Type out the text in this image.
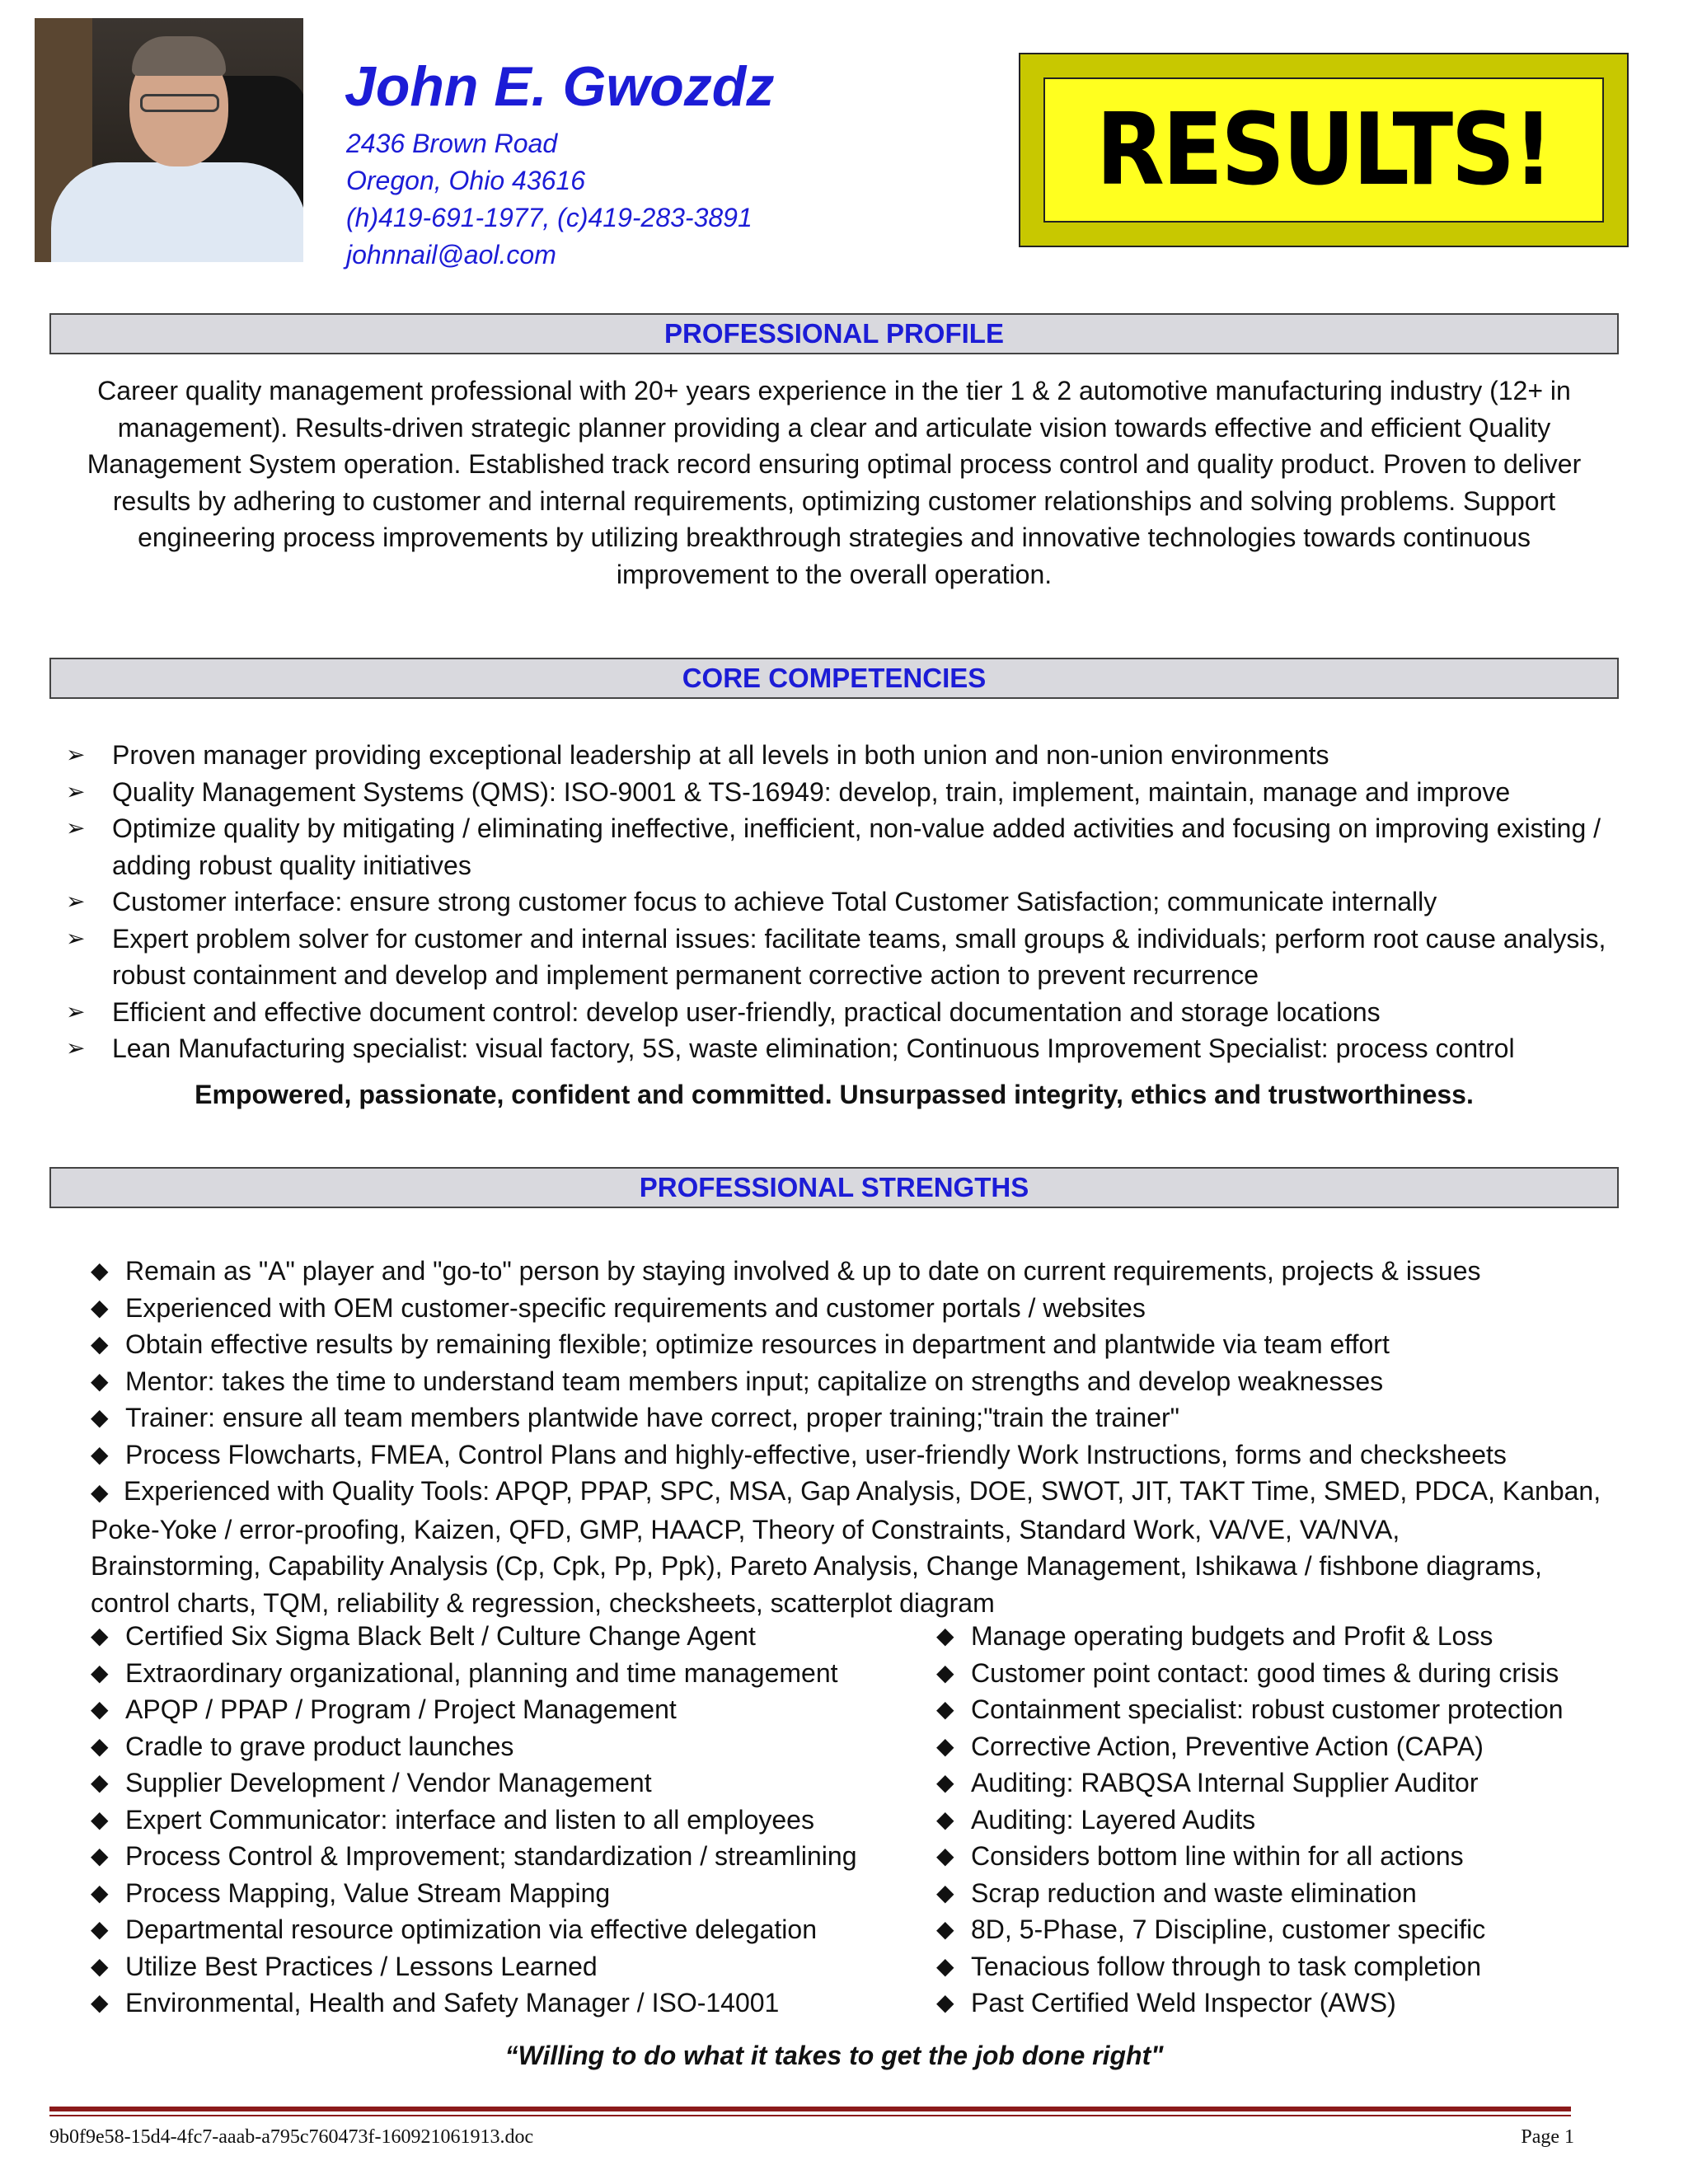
John E. Gwozdz
2436 Brown Road
Oregon, Ohio 43616
(h)419-691-1977, (c)419-283-3891
johnnail@aol.com
RESULTS!
PROFESSIONAL PROFILE
Career quality management professional with 20+ years experience in the tier 1 & 2 automotive manufacturing industry (12+ in
management). Results-driven strategic planner providing a clear and articulate vision towards effective and efficient Quality
Management System operation. Established track record ensuring optimal process control and quality product. Proven to deliver
results by adhering to customer and internal requirements, optimizing customer relationships and solving problems. Support
engineering process improvements by utilizing breakthrough strategies and innovative technologies towards continuous
improvement to the overall operation.
CORE COMPETENCIES
➢ Proven manager providing exceptional leadership at all levels in both union and non-union environments
➢ Quality Management Systems (QMS): ISO-9001 & TS-16949: develop, train, implement, maintain, manage and improve
➢ Optimize quality by mitigating / eliminating ineffective, inefficient, non-value added activities and focusing on improving existing / adding robust quality initiatives
➢ Customer interface: ensure strong customer focus to achieve Total Customer Satisfaction; communicate internally
➢ Expert problem solver for customer and internal issues: facilitate teams, small groups & individuals; perform root cause analysis, robust containment and develop and implement permanent corrective action to prevent recurrence
➢ Efficient and effective document control: develop user-friendly, practical documentation and storage locations
➢ Lean Manufacturing specialist: visual factory, 5S, waste elimination; Continuous Improvement Specialist: process control
Empowered, passionate, confident and committed. Unsurpassed integrity, ethics and trustworthiness.
PROFESSIONAL STRENGTHS
◆ Remain as "A" player and "go-to" person by staying involved & up to date on current requirements, projects & issues
◆ Experienced with OEM customer-specific requirements and customer portals / websites
◆ Obtain effective results by remaining flexible; optimize resources in department and plantwide via team effort
◆ Mentor: takes the time to understand team members input; capitalize on strengths and develop weaknesses
◆ Trainer: ensure all team members plantwide have correct, proper training;"train the trainer"
◆ Process Flowcharts, FMEA, Control Plans and highly-effective, user-friendly Work Instructions, forms and checksheets
◆ Experienced with Quality Tools: APQP, PPAP, SPC, MSA, Gap Analysis, DOE, SWOT, JIT, TAKT Time, SMED, PDCA, Kanban,
Poke-Yoke / error-proofing, Kaizen, QFD, GMP, HAACP, Theory of Constraints, Standard Work, VA/VE, VA/NVA,
Brainstorming, Capability Analysis (Cp, Cpk, Pp, Ppk), Pareto Analysis, Change Management, Ishikawa / fishbone diagrams,
control charts, TQM, reliability & regression, checksheets, scatterplot diagram
◆ Certified Six Sigma Black Belt / Culture Change Agent
◆ Extraordinary organizational, planning and time management
◆ APQP / PPAP / Program / Project Management
◆ Cradle to grave product launches
◆ Supplier Development / Vendor Management
◆ Expert Communicator: interface and listen to all employees
◆ Process Control & Improvement; standardization / streamlining
◆ Process Mapping, Value Stream Mapping
◆ Departmental resource optimization via effective delegation
◆ Utilize Best Practices / Lessons Learned
◆ Environmental, Health and Safety Manager / ISO-14001
◆ Manage operating budgets and Profit & Loss
◆ Customer point contact: good times & during crisis
◆ Containment specialist: robust customer protection
◆ Corrective Action, Preventive Action (CAPA)
◆ Auditing: RABQSA Internal Supplier Auditor
◆ Auditing: Layered Audits
◆ Considers bottom line within for all actions
◆ Scrap reduction and waste elimination
◆ 8D, 5-Phase, 7 Discipline, customer specific
◆ Tenacious follow through to task completion
◆ Past Certified Weld Inspector (AWS)
“Willing to do what it takes to get the job done right"
9b0f9e58-15d4-4fc7-aaab-a795c760473f-160921061913.doc	Page 1
